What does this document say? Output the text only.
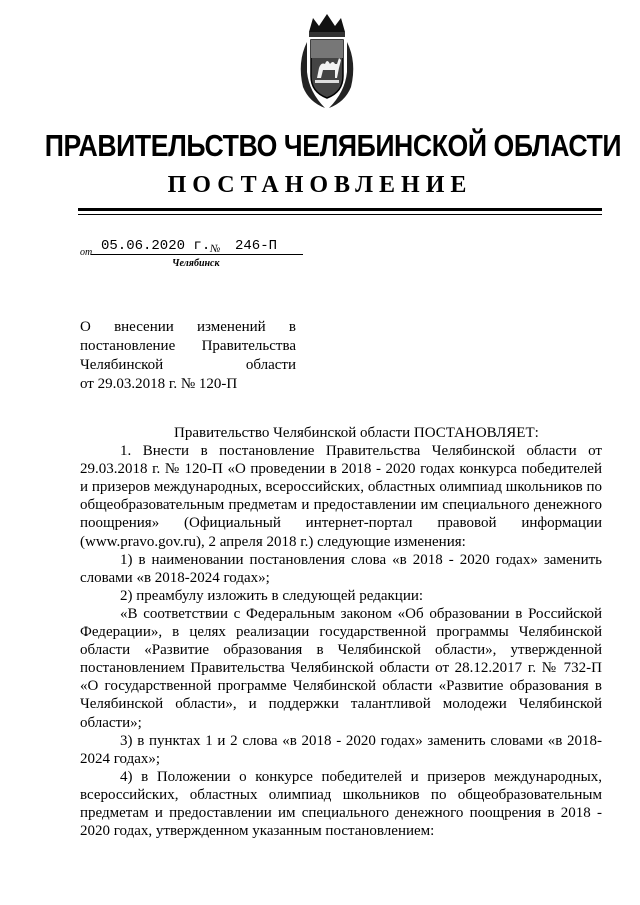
ПРАВИТЕЛЬСТВО ЧЕЛЯБИНСКОЙ ОБЛАСТИ
ПОСТАНОВЛЕНИЕ
от 05.06.2020 г. №	246-П
Челябинск
О внесении изменений в
постановление Правительства
Челябинской области
от 29.03.2018 г. № 120-П

Правительство Челябинской области ПОСТАНОВЛЯЕТ:

1. Внести в постановление Правительства Челябинской области от 29.03.2018 г. № 120-П «О проведении в 2018 - 2020 годах конкурса победителей и призеров международных, всероссийских, областных олимпиад школьников по общеобразовательным предметам и предоставлении им специального денежного поощрения» (Официальный интернет-портал правовой информации (www.pravo.gov.ru), 2 апреля 2018 г.) следующие изменения:

1) в наименовании постановления слова «в 2018 - 2020 годах» заменить словами «в 2018-2024 годах»;

2) преамбулу изложить в следующей редакции:

«В соответствии с Федеральным законом «Об образовании в Российской Федерации», в целях реализации государственной программы Челябинской области «Развитие образования в Челябинской области», утвержденной постановлением Правительства Челябинской области от 28.12.2017 г. № 732-П «О государственной программе Челябинской области «Развитие образования в Челябинской области», и поддержки талантливой молодежи Челябинской области»;

3) в пунктах 1 и 2 слова «в 2018 - 2020 годах» заменить словами «в 2018-2024 годах»;

4) в Положении о конкурсе победителей и призеров международных, всероссийских, областных олимпиад школьников по общеобразовательным предметам и предоставлении им специального денежного поощрения в 2018 - 2020 годах, утвержденном указанным постановлением:
